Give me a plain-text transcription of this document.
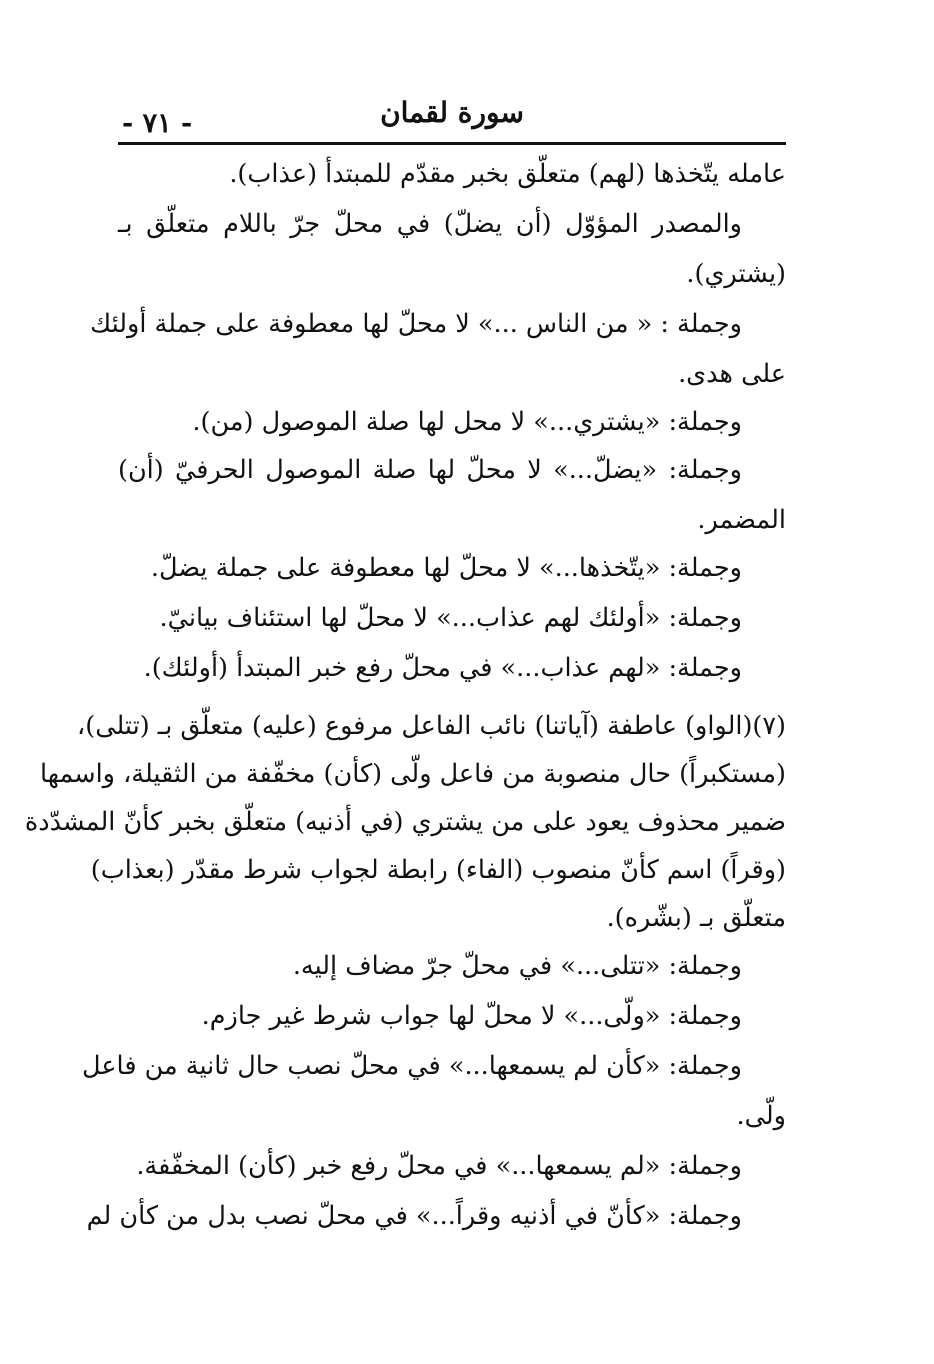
- ٧١ -	سورة لقمان
عامله يتّخذها (لهم) متعلّق بخبر مقدّم للمبتدأ (عذاب).
والمصدر المؤوّل (أن يضلّ) في محلّ جرّ باللام متعلّق بـ
(يشتري).
وجملة : « من الناس ...» لا محلّ لها معطوفة على جملة أولئك
على هدى.
وجملة: «يشتري...» لا محل لها صلة الموصول (من).
وجملة: «يضلّ...» لا محلّ لها صلة الموصول الحرفيّ (أن)
المضمر.
وجملة: «يتّخذها...» لا محلّ لها معطوفة على جملة يضلّ.
وجملة: «أولئك لهم عذاب...» لا محلّ لها استئناف بيانيّ.
وجملة: «لهم عذاب...» في محلّ رفع خبر المبتدأ (أولئك).
(٧)(الواو) عاطفة (آياتنا) نائب الفاعل مرفوع (عليه) متعلّق بـ (تتلى)،
(مستكبراً) حال منصوبة من فاعل ولّى (كأن) مخفّفة من الثقيلة، واسمها
ضمير محذوف يعود على من يشتري (في أذنيه) متعلّق بخبر كأنّ المشدّدة
(وقراً) اسم كأنّ منصوب (الفاء) رابطة لجواب شرط مقدّر (بعذاب)
متعلّق بـ (بشّره).
وجملة: «تتلى...» في محلّ جرّ مضاف إليه.
وجملة: «ولّى...» لا محلّ لها جواب شرط غير جازم.
وجملة: «كأن لم يسمعها...» في محلّ نصب حال ثانية من فاعل
ولّى.
وجملة: «لم يسمعها...» في محلّ رفع خبر (كأن) المخفّفة.
وجملة: «كأنّ في أذنيه وقراً...» في محلّ نصب بدل من كأن لم
